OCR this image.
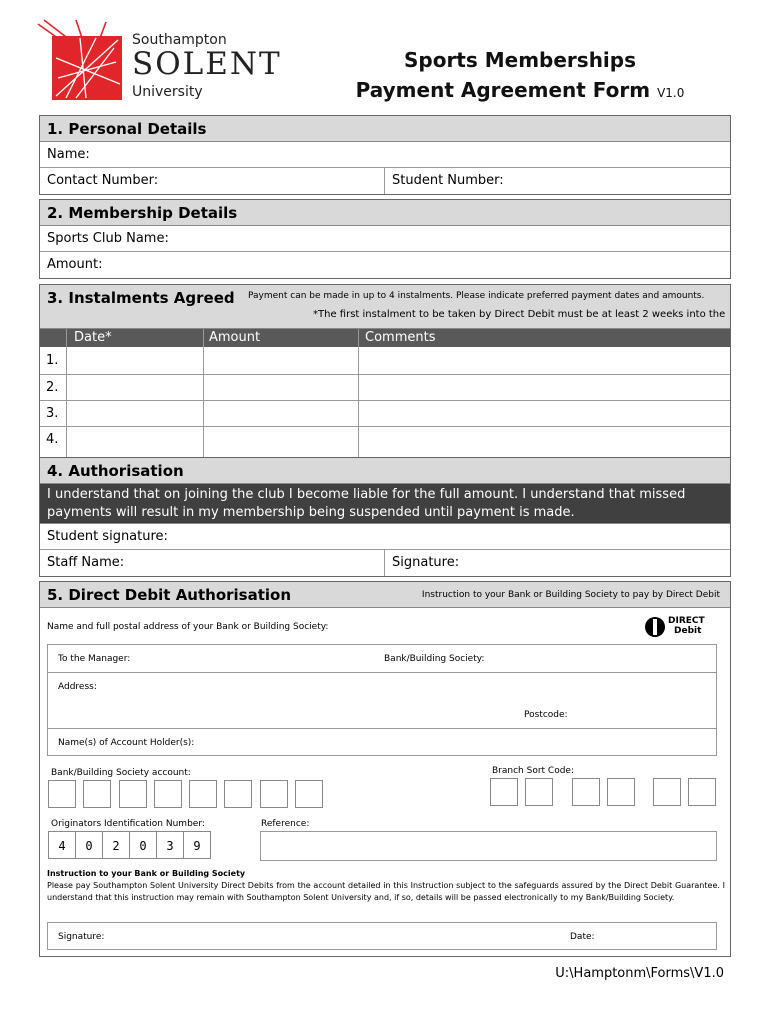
Southampton
SOLENT
University
Sports Memberships
Payment Agreement Form V1.0
1. Personal Details
Name:
Contact Number:	Student Number:
2. Membership Details
Sports Club Name:
Amount:
3. Instalments Agreed Payment can be made in up to 4 instalments. Please indicate preferred payment dates and amounts.
*The first instalment to be taken by Direct Debit must be at least 2 weeks into the
Date*	Amount	Comments
1.
2.
3.
4.
4. Authorisation
I understand that on joining the club I become liable for the full amount. I understand that missed payments will result in my membership being suspended until payment is made.
Student signature:
Staff Name:	Signature:
5. Direct Debit Authorisation	Instruction to your Bank or Building Society to pay by Direct Debit
Name and full postal address of your Bank or Building Society:
DIRECT
Debit
To the Manager:	Bank/Building Society:
Address:
Postcode:
Name(s) of Account Holder(s):
Bank/Building Society account:	Branch Sort Code:
Originators Identification Number:	Reference:
4	0	2	0	3	9
Instruction to your Bank or Building Society
Please pay Southampton Solent University Direct Debits from the account detailed in this Instruction subject to the safeguards assured by the Direct Debit Guarantee. I understand that this instruction may remain with Southampton Solent University and, if so, details will be passed electronically to my Bank/Building Society.
Signature:	Date:
U:\Hamptonm\Forms\V1.0
